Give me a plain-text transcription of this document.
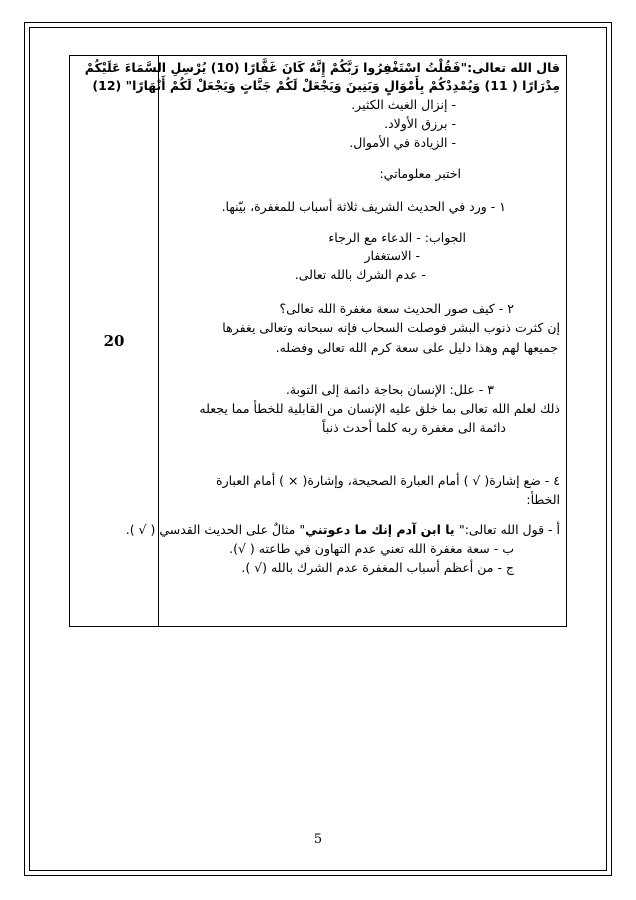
20	
قال الله تعالى:"فَقُلْتُ اسْتَغْفِرُوا رَبَّكُمْ إِنَّهُ كَانَ غَفَّارًا (10) يُرْسِلِ السَّمَاءَ عَلَيْكُمْ
مِدْرَارًا ( 11) وَيُمْدِدْكُمْ بِأَمْوَالٍ وَبَنِينَ وَيَجْعَلْ لَكُمْ جَنَّاتٍ وَيَجْعَلْ لَكُمْ أَنْهَارًا" (12)
- إنزال الغيث الكثير.
- برزق الأولاد.
- الزيادة في الأموال.
اختبر معلوماتي:
١ - ورد في الحديث الشريف ثلاثة أسباب للمغفرة، بيّنها.
الجواب: - الدعاء مع الرجاء
- الاستغفار
- عدم الشرك بالله تعالى.
٢ - كيف صور الحديث سعة مغفرة الله تعالى؟
إن كثرت ذنوب البشر فوصلت السحاب فإنه سبحانه وتعالى يغفرها
جميعها لهم وهذا دليل على سعة كرم الله تعالى وفضله.
٣ - علل: الإنسان بحاجة دائمة إلى التوبة.
ذلك لعلم الله تعالى بما خلق عليه الإنسان من القابلية للخطأ مما يجعله
دائمة الى مغفرة ربه كلما أحدث ذنباً
٤ - ضع إشارة( √ ) أمام العبارة الصحيحة، وإشارة( × ) أمام العبارة
الخطأ:
أ - قول الله تعالى:" يا ابن آدم إنك ما دعوتني" مثالٌ على الحديث القدسي ( √ ).
ب - سعة مغفرة الله تعني عدم التهاون في طاعته ( √).
ج - من أعظم أسباب المغفرة عدم الشرك بالله (√ ).
5
